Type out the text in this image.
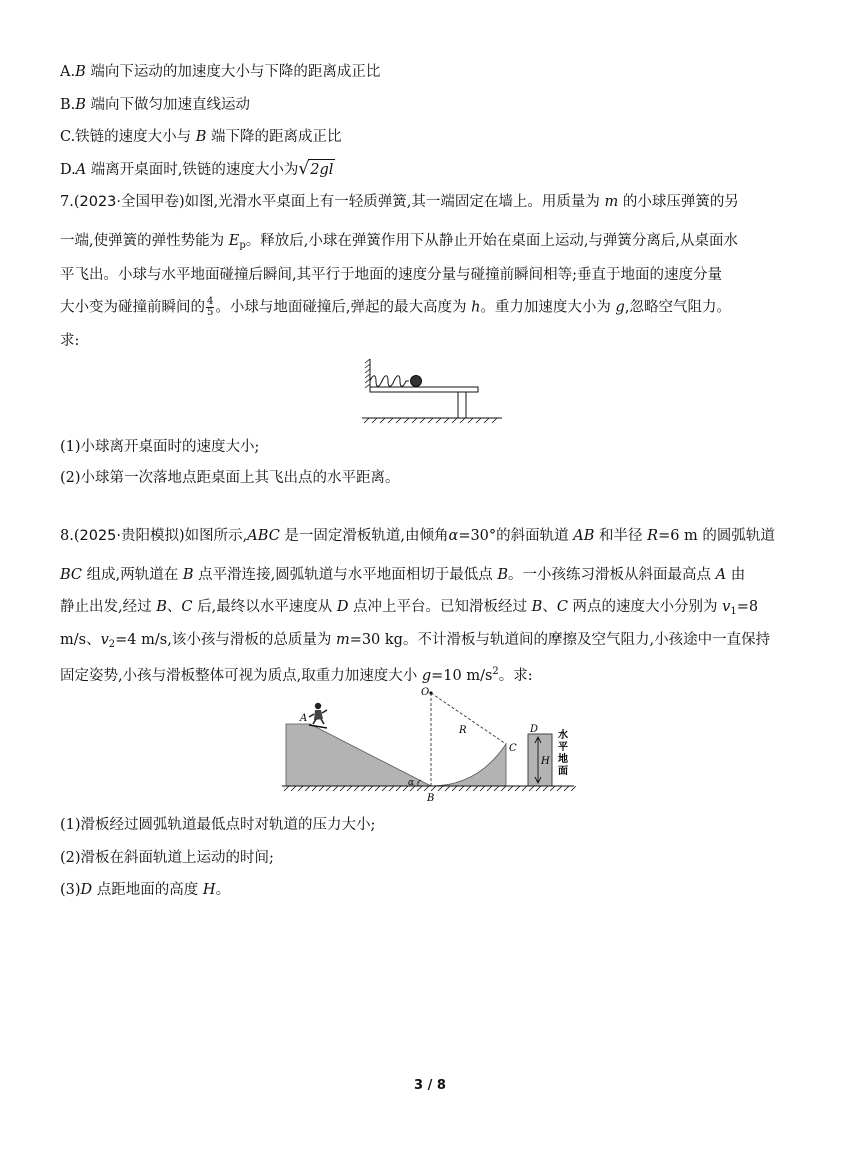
A.B 端向下运动的加速度大小与下降的距离成正比
B.B 端向下做匀加速直线运动
C.铁链的速度大小与 B 端下降的距离成正比
D.A 端离开桌面时,铁链的速度大小为√2gl
7.(2023·全国甲卷)如图,光滑水平桌面上有一轻质弹簧,其一端固定在墙上。用质量为 m 的小球压弹簧的另
一端,使弹簧的弹性势能为 $E_p$。释放后,小球在弹簧作用下从静止开始在桌面上运动,与弹簧分离后,从桌面水
平飞出。小球与水平地面碰撞后瞬间,其平行于地面的速度分量与碰撞前瞬间相等;垂直于地面的速度分量
大小变为碰撞前瞬间的 $\frac{4}{5}$ 。小球与地面碰撞后,弹起的最大高度为 h。重力加速度大小为 g,忽略空气阻力。
求:
(1)小球离开桌面时的速度大小;
(2)小球第一次落地点距桌面上其飞出点的水平距离。
8.(2025·贵阳模拟)如图所示,ABC 是一固定滑板轨道,由倾角α=30°的斜面轨道 AB 和半径 R=6 m 的圆弧轨道
BC 组成,两轨道在 B 点平滑连接,圆弧轨道与水平地面相切于最低点 B。一小孩练习滑板从斜面最高点 A 由
静止出发,经过 B、C 后,最终以水平速度从 D 点冲上平台。已知滑板经过 B、C 两点的速度大小分别为 $v_1=8$
m/s、$v_2=4$ m/s,该小孩与滑板的总质量为 m=30 kg。不计滑板与轨道间的摩擦及空气阻力,小孩途中一直保持
固定姿势,小孩与滑板整体可视为质点,取重力加速度大小 g=10 $m/s^2$。求:
O
A
R
C
D
H
B
α
水
平
地
面
(1)滑板经过圆弧轨道最低点时对轨道的压力大小;
(2)滑板在斜面轨道上运动的时间;
(3)D 点距地面的高度 H。
3 / 8
